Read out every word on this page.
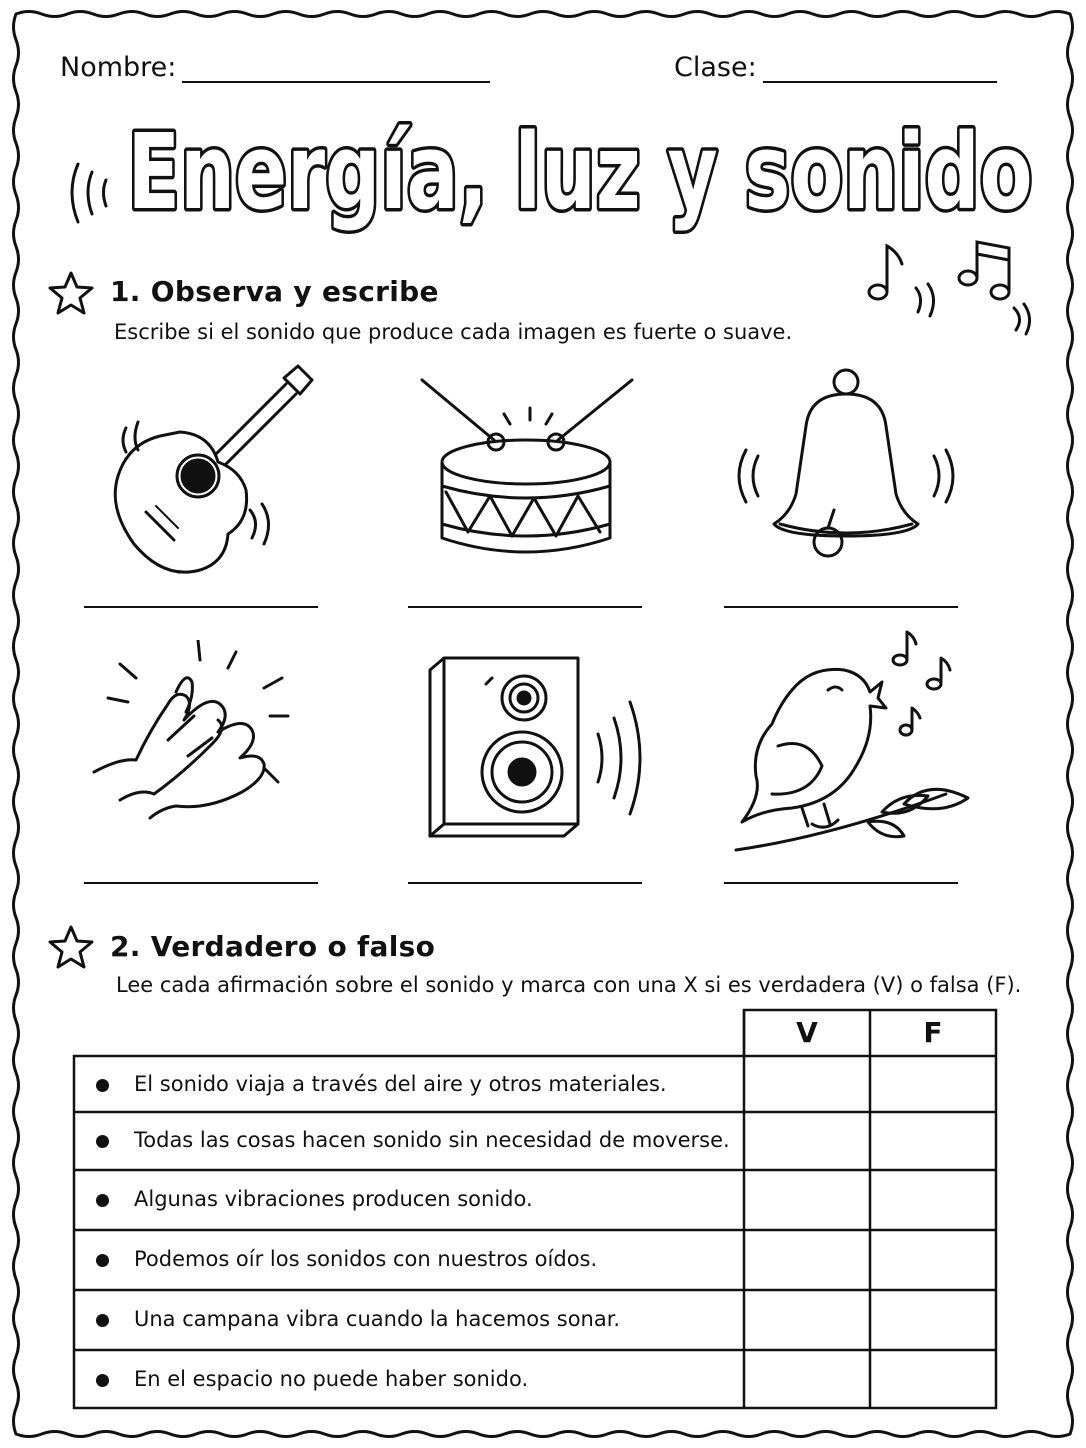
Nombre:	Clase:
Energía, luz y sonido
1. Observa y escribe
Escribe si el sonido que produce cada imagen es fuerte o suave.
2. Verdadero o falso
Lee cada afirmación sobre el sonido y marca con una X si es verdadera (V) o falsa (F).
V	F
El sonido viaja a través del aire y otros materiales.
Todas las cosas hacen sonido sin necesidad de moverse.
Algunas vibraciones producen sonido.
Podemos oír los sonidos con nuestros oídos.
Una campana vibra cuando la hacemos sonar.
En el espacio no puede haber sonido.
